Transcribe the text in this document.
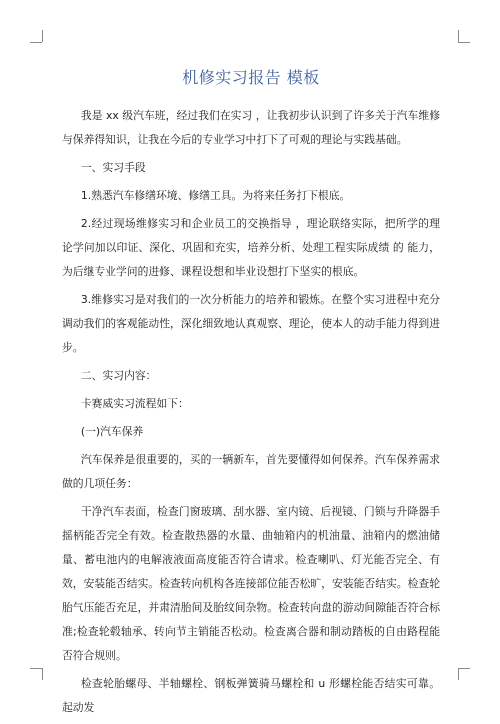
机修实习报告 模板

我是 xx 级汽车班，经过我们在实习 ，让我初步认识到了许多关于汽车维修与保养得知识，让我在今后的专业学习中打下了可观的理论与实践基础。

一、实习手段

1.熟悉汽车修缮环境、修缮工具。为将来任务打下根底。

2.经过现场维修实习和企业员工的交换指导 ，理论联络实际，把所学的理论学问加以印证、深化、巩固和充实，培养分析、处理工程实际成绩 的 能力，为后继专业学问的进修、课程设想和毕业设想打下坚实的根底。

3.维修实习是对我们的一次分析能力的培养和锻炼。在整个实习进程中充分调动我们的客观能动性，深化细致地认真观察、理论，使本人的动手能力得到进步。

二、实习内容：

卡赛威实习流程如下：

(一)汽车保养

汽车保养是很重要的，买的一辆新车，首先要懂得如何保养。汽车保养需求做的几项任务：

干净汽车表面，检查门窗玻璃、刮水器、室内镜、后视镜、门锁与升降器手摇柄能否完全有效。检查散热器的水量、曲轴箱内的机油量、油箱内的燃油储量、蓄电池内的电解液液面高度能否符合请求。检查喇叭、灯光能否完全、有效，安装能否结实。检查转向机构各连接部位能否松旷，安装能否结实。检查轮胎气压能否充足，并肃清胎间及胎纹间杂物。检查转向盘的游动间隙能否符合标准;检查轮毂轴承、转向节主销能否松动。检查离合器和制动踏板的自由路程能否符合规则。

检查轮胎螺母、半轴螺栓、钢板弹簧骑马螺栓和 u 形螺栓能否结实可靠。起动发
